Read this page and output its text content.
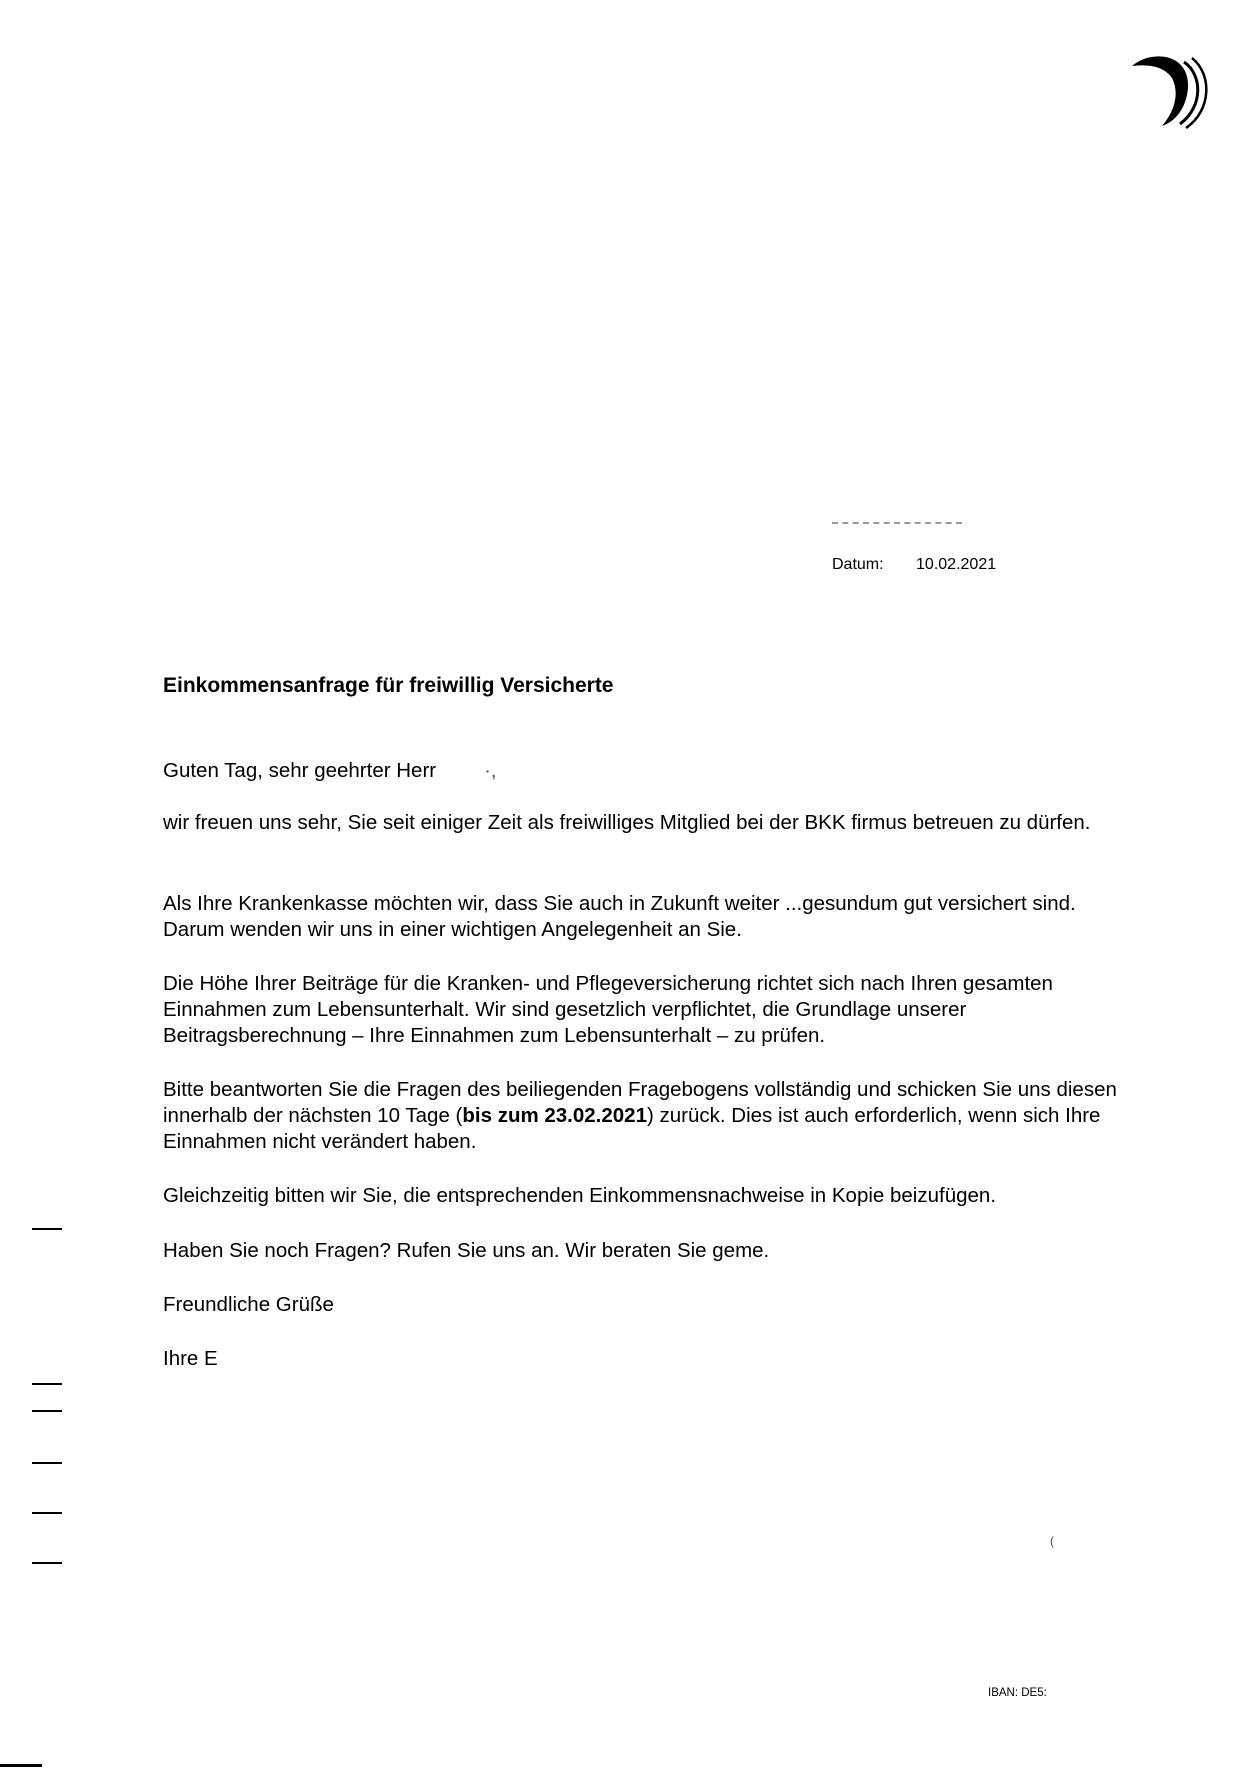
Datum: 10.02.2021
Einkommensanfrage für freiwillig Versicherte
Guten Tag, sehr geehrter Herr ·,
wir freuen uns sehr, Sie seit einiger Zeit als freiwilliges Mitglied bei der BKK firmus betreuen zu dürfen.
Als Ihre Krankenkasse möchten wir, dass Sie auch in Zukunft weiter ...gesundum gut versichert sind. Darum wenden wir uns in einer wichtigen Angelegenheit an Sie.
Die Höhe Ihrer Beiträge für die Kranken- und Pflegeversicherung richtet sich nach Ihren gesamten Einnahmen zum Lebensunterhalt. Wir sind gesetzlich verpflichtet, die Grundlage unserer Beitragsberechnung – Ihre Einnahmen zum Lebensunterhalt – zu prüfen.
Bitte beantworten Sie die Fragen des beiliegenden Fragebogens vollständig und schicken Sie uns diesen innerhalb der nächsten 10 Tage (bis zum 23.02.2021) zurück. Dies ist auch erforderlich, wenn sich Ihre Einnahmen nicht verändert haben.
Gleichzeitig bitten wir Sie, die entsprechenden Einkommensnachweise in Kopie beizufügen.
Haben Sie noch Fragen? Rufen Sie uns an. Wir beraten Sie geme.
Freundliche Grüße
Ihre E
(
IBAN: DE5:
